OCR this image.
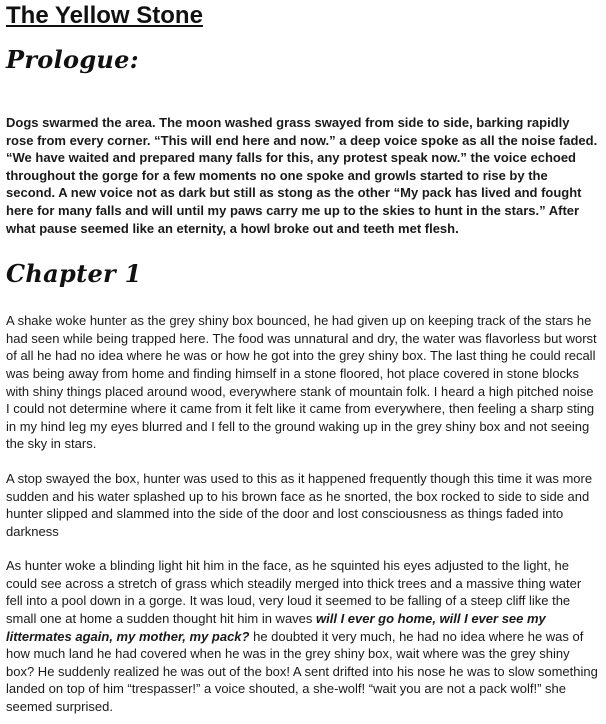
The Yellow Stone
Prologue:

Dogs swarmed the area. The moon washed grass swayed from side to side, barking rapidly rose from every corner. “This will end here and now.” a deep voice spoke as all the noise faded. “We have waited and prepared many falls for this, any protest speak now.” the voice echoed throughout the gorge for a few moments no one spoke and growls started to rise by the second. A new voice not as dark but still as stong as the other “My pack has lived and fought here for many falls and will until my paws carry me up to the skies to hunt in the stars.” After what pause seemed like an eternity, a howl broke out and teeth met flesh.

Chapter 1

A shake woke hunter as the grey shiny box bounced, he had given up on keeping track of the stars he had seen while being trapped here. The food was unnatural and dry, the water was flavorless but worst of all he had no idea where he was or how he got into the grey shiny box. The last thing he could recall was being away from home and finding himself in a stone floored, hot place covered in stone blocks with shiny things placed around wood, everywhere stank of mountain folk. I heard a high pitched noise I could not determine where it came from it felt like it came from everywhere, then feeling a sharp sting in my hind leg my eyes blurred and I fell to the ground waking up in the grey shiny box and not seeing the sky in stars.

A stop swayed the box, hunter was used to this as it happened frequently though this time it was more sudden and his water splashed up to his brown face as he snorted, the box rocked to side to side and hunter slipped and slammed into the side of the door and lost consciousness as things faded into darkness

As hunter woke a blinding light hit him in the face, as he squinted his eyes adjusted to the light, he could see across a stretch of grass which steadily merged into thick trees and a massive thing water fell into a pool down in a gorge. It was loud, very loud it seemed to be falling of a steep cliff like the small one at home a sudden thought hit him in waves will I ever go home, will I ever see my littermates again, my mother, my pack? he doubted it very much, he had no idea where he was of how much land he had covered when he was in the grey shiny box, wait where was the grey shiny box? He suddenly realized he was out of the box! A sent drifted into his nose he was to slow something landed on top of him “trespasser!” a voice shouted, a she-wolf! “wait you are not a pack wolf!” she seemed surprised.
